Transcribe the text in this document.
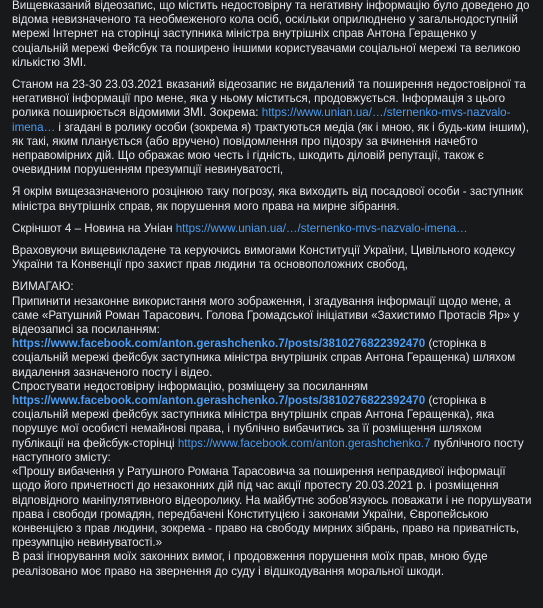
Вищевказаний відеозапис, що містить недостовірну та негативну інформацію було доведено до відома невизначеного та необмеженого кола осіб, оскільки оприлюднено у загальнодоступній мережі Інтернет на сторінці заступника міністра внутрішніх справ Антона Геращенко у соціальній мережі Фейсбук та поширено іншими користувачами соціальної мережі та великою кількістю ЗМІ.

Станом на 23-30 23.03.2021 вказаний відеозапис не видалений та поширення недостовірної та негативної інформації про мене, яка у ньому міститься, продовжується. Інформація з цього ролика поширюється відомими ЗМІ. Зокрема: https://www.unian.ua/…/sternenko-mvs-nazvalo-imena… і згадані в ролику особи (зокрема я) трактуються медіа (як і мною, як і будь-ким іншим), як такі, яким планується (або вручено) повідомлення про підозру за вчинення начебто неправомірних дій. Що ображає мою честь і гідність, шкодить діловій репутації, також є очевидним порушенням презумпції невинуватості,

Я окрім вищезазначеного розцінюю таку погрозу, яка виходить від посадової особи - заступник міністра внутрішніх справ, як порушення мого права на мирне зібрання.

Скріншот 4 – Новина на Уніан https://www.unian.ua/…/sternenko-mvs-nazvalo-imena…

Враховуючи вищевикладене та керуючись вимогами Конституції України, Цивільного кодексу України та Конвенції про захист прав людини та основоположних свобод,

ВИМАГАЮ:
Припинити незаконне використання мого зображення, і згадування інформації щодо мене, а саме «Ратушний Роман Тарасович. Голова Громадської ініціативи «Захистимо Протасів Яр» у відеозаписі за посиланням:
https://www.facebook.com/anton.gerashchenko.7/posts/3810276822392470 (сторінка в соціальній мережі фейсбук заступника міністра внутрішніх справ Антона Геращенка) шляхом видалення зазначеного посту і відео.
Спростувати недостовірну інформацію, розміщену за посиланням
https://www.facebook.com/anton.gerashchenko.7/posts/3810276822392470 (сторінка в соціальній мережі фейсбук заступника міністра внутрішніх справ Антона Геращенка), яка порушує мої особисті немайнові права, і публічно вибачитись за її розміщення шляхом публікації на фейсбук-сторінці https://www.facebook.com/anton.gerashchenko.7 публічного посту наступного змісту:
«Прошу вибачення у Ратушного Романа Тарасовича за поширення неправдивої інформації щодо його причетності до незаконних дій під час акції протесту 20.03.2021 р. і розміщення відповідного маніпулятивного відеоролику. На майбутнє зобов'язуюсь поважати і не порушувати права і свободи громадян, передбачені Конституцією і законами України, Європейською конвенцією з прав людини, зокрема - право на свободу мирних зібрань, право на приватність, презумпцію невинуватості.»
В разі ігнорування моїх законних вимог, і продовження порушення моїх прав, мною буде реалізовано моє право на звернення до суду і відшкодування моральної шкоди.
